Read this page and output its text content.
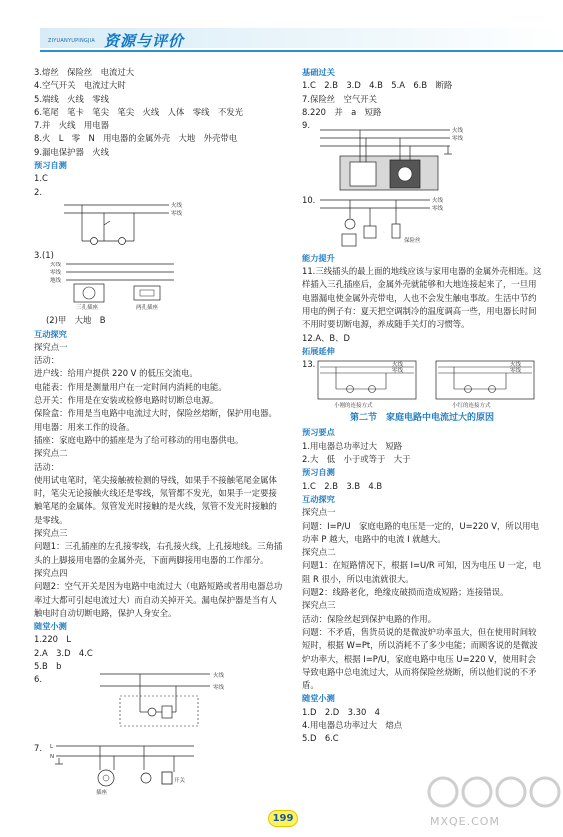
ZIYUANYUPINGJIA 资源与评价
3.熔丝　保险丝　电流过大
4.空气开关　电流过大时
5.端线　火线　零线
6.笔尾　笔卡　笔尖　笔尖　火线　人体　零线　不发光
7.并　火线　用电器
8.火　L　零　N　用电器的金属外壳　大地　外壳带电
9.漏电保护器　火线
预习自测
1.C
2.
火线
零线
3.(1)
火线
零线
地线
三孔插座	两孔插座
(2)甲　大地　B
互动探究
探究点一
活动：
进户线：给用户提供 220 V 的低压交流电。
电能表：作用是测量用户在一定时间内消耗的电能。
总开关：作用是在安装或检修电路时切断总电源。
保险盒：作用是当电路中电流过大时，保险丝熔断，保护用电器。
用电器：用来工作的设备。
插座：家庭电路中的插座是为了给可移动的用电器供电。
探究点二
活动：
使用试电笔时，笔尖接触被检测的导线，如果手不接触笔尾金属体时，笔尖无论接触火线还是零线，氖管都不发光，如果手一定要接触笔尾的金属体。氖管发光时接触的是火线，氖管不发光时接触的是零线。
探究点三
问题1：三孔插座的左孔接零线，右孔接火线，上孔接地线。三角插头的上脚接用电器的金属外壳，下面两脚接用电器的工作部分。
探究点四
问题2：空气开关是因为电路中电流过大（电路短路或者用电器总功率过大都可引起电流过大）而自动关掉开关。漏电保护器是当有人触电时自动切断电路，保护人身安全。
随堂小测
1.220　L
2.A　3.D　4.C
5.B　b
6.	火线
零线
7. L
N
插座
开关
基础过关
1.C　2.B　3.D　4.B　5.A　6.B　断路
7.保险丝　空气开关
8.220　并　a　短路
9.
火线
零线
10.	火线
零线
保险丝
能力提升
11.三线插头的最上面的地线应该与家用电器的金属外壳相连。这样插入三孔插座后，金属外壳就能够和大地连接起来了，一旦用电器漏电使金属外壳带电，人也不会发生触电事故。生活中节约用电的例子有：夏天把空调制冷的温度调高一些，用电器长时间不用时要切断电源，养成随手关灯的习惯等。
12.A、B、D
拓展延伸
13.	火线
零线
小刚的连接方式
火线
零线
小红的连接方式
第二节　家庭电路中电流过大的原因
预习要点
1.用电器总功率过大　短路
2.大　低　小于或等于　大于
预习自测
1.C　2.B　3.B　4.B
互动探究
探究点一
问题：I=P/U　家庭电路的电压是一定的，U=220 V，所以用电功率 P 越大，电路中的电流 I 就越大。
探究点二
问题1：在短路情况下，根据 I=U/R 可知，因为电压 U 一定，电阻 R 很小，所以电流就很大。
问题2：线路老化，绝缘皮破损而造成短路；连接错误。
探究点三
活动：保险丝起到保护电路的作用。
问题：不矛盾，售货员说的是微波炉功率虽大，但在使用时间较短时，根据 W=Pt，所以消耗不了多少电能；而顾客说的是微波炉功率大，根据 I=P/U，家庭电路中电压 U=220 V，使用时会导致电路中总电流过大，从而将保险丝烧断，所以他们说的不矛盾。
随堂小测
1.D　2.D　3.30　4
4.用电器总功率过大　熔点
5.D　6.C
MXQE.COM
199
